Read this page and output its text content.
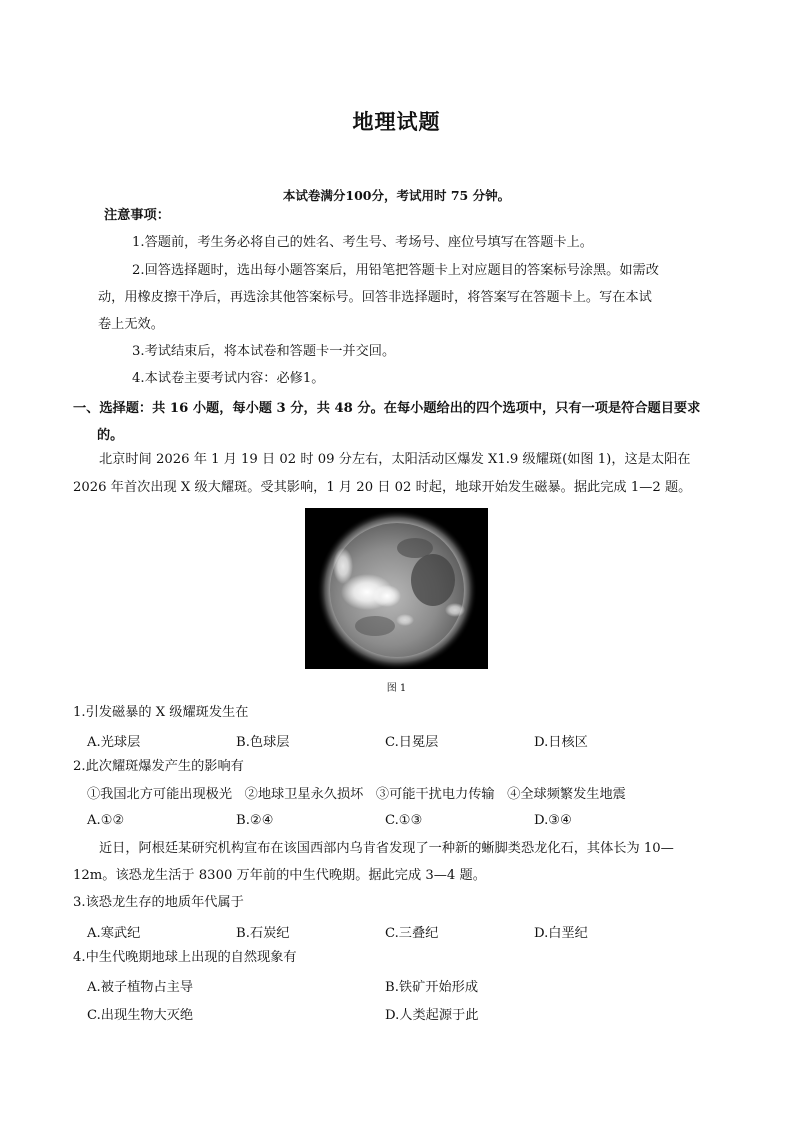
地理试题
本试卷满分100分，考试用时 75 分钟。
注意事项：
1.答题前，考生务必将自己的姓名、考生号、考场号、座位号填写在答题卡上。
2.回答选择题时，选出每小题答案后，用铅笔把答题卡上对应题目的答案标号涂黑。如需改
动，用橡皮擦干净后，再选涂其他答案标号。回答非选择题时，将答案写在答题卡上。写在本试
卷上无效。
3.考试结束后，将本试卷和答题卡一并交回。
4.本试卷主要考试内容：必修1。
一、选择题：共 16 小题，每小题 3 分，共 48 分。在每小题给出的四个选项中，只有一项是符合题目要求
的。
北京时间 2026 年 1 月 19 日 02 时 09 分左右，太阳活动区爆发 X1.9 级耀斑(如图 1)，这是太阳在
2026 年首次出现 X 级大耀斑。受其影响，1 月 20 日 02 时起，地球开始发生磁暴。据此完成 1—2 题。
图 1
1.引发磁暴的 X 级耀斑发生在
A.光球层	B.色球层	C.日冕层	D.日核区
2.此次耀斑爆发产生的影响有
①我国北方可能出现极光   ②地球卫星永久损坏   ③可能干扰电力传输   ④全球频繁发生地震
A.①②	B.②④	C.①③	D.③④
近日，阿根廷某研究机构宣布在该国西部内乌肯省发现了一种新的蜥脚类恐龙化石，其体长为 10—
12m。该恐龙生活于 8300 万年前的中生代晚期。据此完成 3—4 题。
3.该恐龙生存的地质年代属于
A.寒武纪	B.石炭纪	C.三叠纪	D.白垩纪
4.中生代晚期地球上出现的自然现象有
A.被子植物占主导	B.铁矿开始形成
C.出现生物大灭绝	D.人类起源于此
